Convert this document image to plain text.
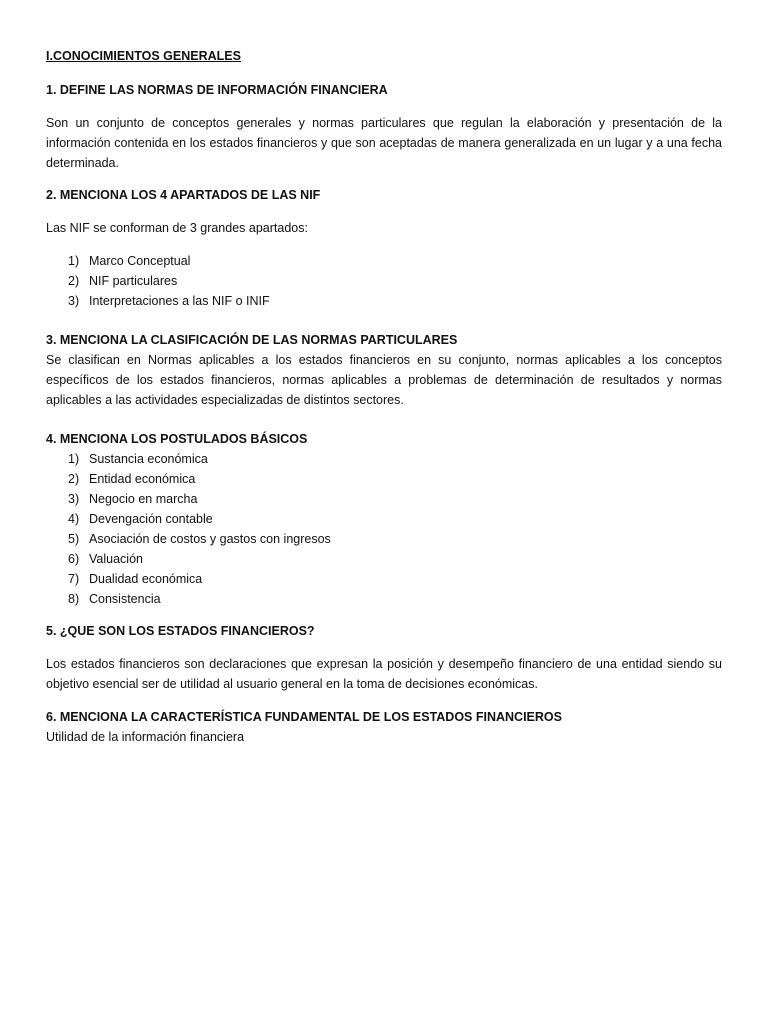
I.CONOCIMIENTOS GENERALES

1. DEFINE LAS NORMAS DE INFORMACIÓN FINANCIERA

Son un conjunto de conceptos generales y normas particulares que regulan la elaboración y presentación de la información contenida en los estados financieros y que son aceptadas de manera generalizada en un lugar y a una fecha determinada.

2. MENCIONA LOS 4 APARTADOS DE LAS NIF

Las NIF se conforman de 3 grandes apartados:

1) Marco Conceptual
2) NIF particulares
3) Interpretaciones a las NIF o INIF

3. MENCIONA LA CLASIFICACIÓN DE LAS NORMAS PARTICULARES

Se clasifican en Normas aplicables a los estados financieros en su conjunto, normas aplicables a los conceptos específicos de los estados financieros, normas aplicables a problemas de determinación de resultados y normas aplicables a las actividades especializadas de distintos sectores.

4. MENCIONA LOS POSTULADOS BÁSICOS

1) Sustancia económica
2) Entidad económica
3) Negocio en marcha
4) Devengación contable
5) Asociación de costos y gastos con ingresos
6) Valuación
7) Dualidad económica
8) Consistencia

5. ¿QUE SON LOS ESTADOS FINANCIEROS?

Los estados financieros son declaraciones que expresan la posición y desempeño financiero de una entidad siendo su objetivo esencial ser de utilidad al usuario general en la toma de decisiones económicas.

6. MENCIONA LA CARACTERÍSTICA FUNDAMENTAL DE LOS ESTADOS FINANCIEROS

Utilidad de la información financiera
